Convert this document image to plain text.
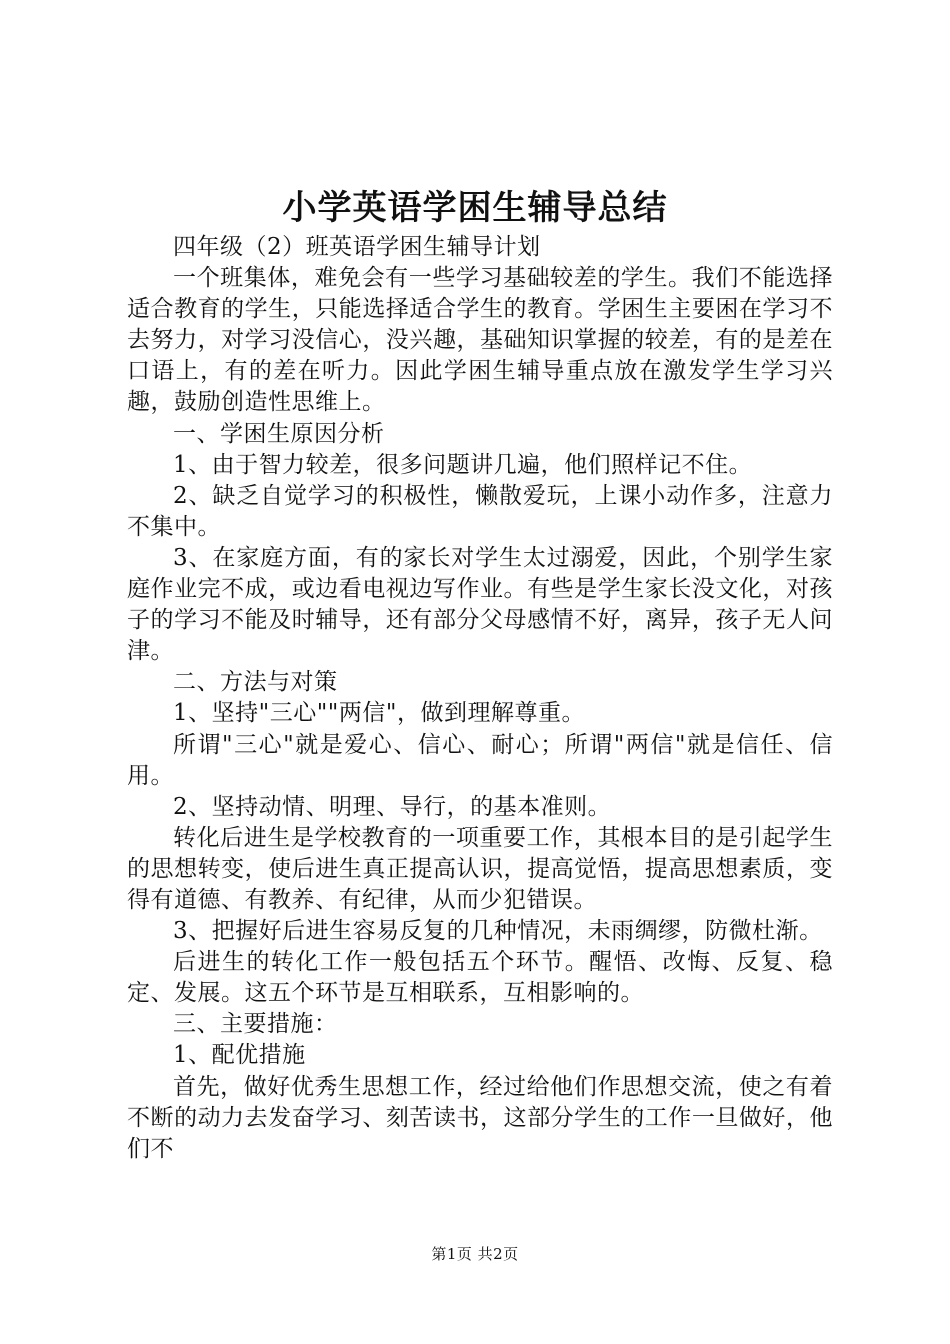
小学英语学困生辅导总结

四年级（2）班英语学困生辅导计划

一个班集体，难免会有一些学习基础较差的学生。我们不能选择适合教育的学生，只能选择适合学生的教育。学困生主要困在学习不去努力，对学习没信心，没兴趣，基础知识掌握的较差，有的是差在口语上，有的差在听力。因此学困生辅导重点放在激发学生学习兴趣，鼓励创造性思维上。

一、学困生原因分析

1、由于智力较差，很多问题讲几遍，他们照样记不住。

2、缺乏自觉学习的积极性，懒散爱玩，上课小动作多，注意力不集中。

3、在家庭方面，有的家长对学生太过溺爱，因此，个别学生家庭作业完不成，或边看电视边写作业。有些是学生家长没文化，对孩子的学习不能及时辅导，还有部分父母感情不好，离异，孩子无人问津。

二、方法与对策

1、坚持"三心""两信"，做到理解尊重。

所谓"三心"就是爱心、信心、耐心；所谓"两信"就是信任、信用。

2、坚持动情、明理、导行，的基本准则。

转化后进生是学校教育的一项重要工作，其根本目的是引起学生的思想转变，使后进生真正提高认识，提高觉悟，提高思想素质，变得有道德、有教养、有纪律，从而少犯错误。

3、把握好后进生容易反复的几种情况，未雨绸缪，防微杜渐。

后进生的转化工作一般包括五个环节。醒悟、改悔、反复、稳定、发展。这五个环节是互相联系，互相影响的。

三、主要措施：

1、配优措施

首先，做好优秀生思想工作，经过给他们作思想交流，使之有着不断的动力去发奋学习、刻苦读书，这部分学生的工作一旦做好，他们不

第1页 共2页
